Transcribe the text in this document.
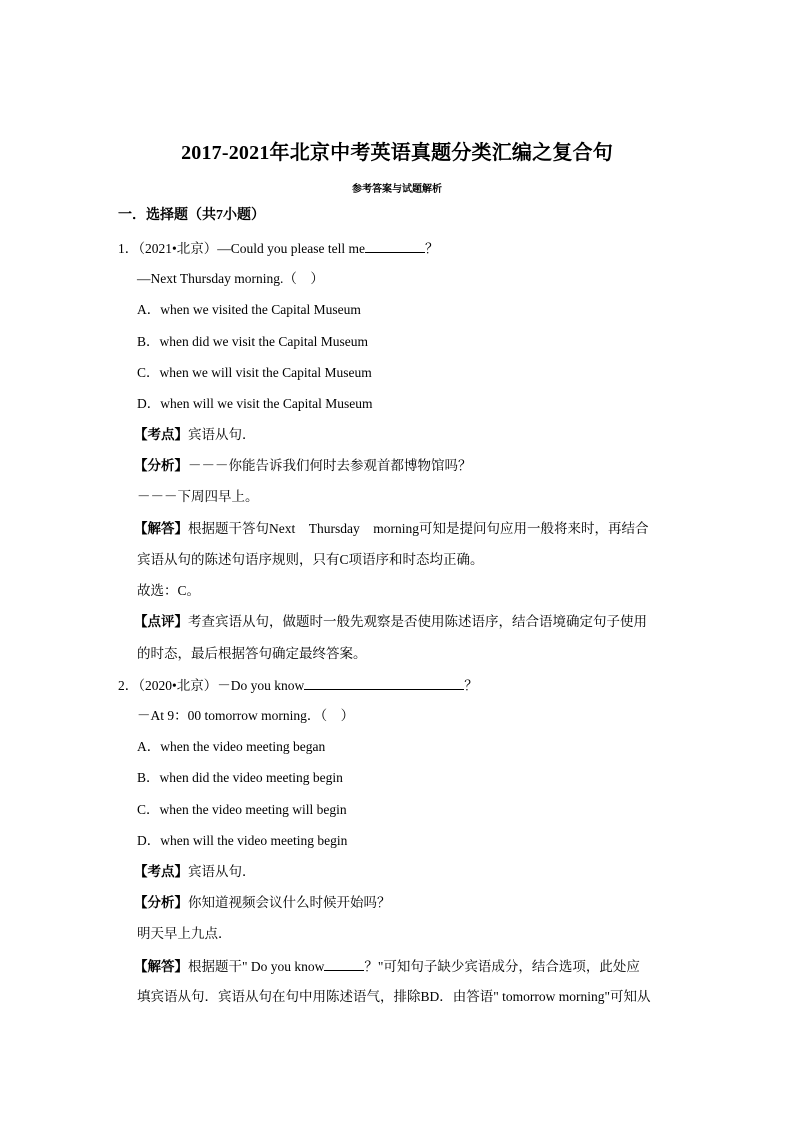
2017-2021年北京中考英语真题分类汇编之复合句
参考答案与试题解析
一．选择题（共7小题）
1．（2021•北京）—Could you please tell me	？
—Next Thursday morning.（　）
A．when we visited the Capital Museum
B．when did we visit the Capital Museum
C．when we will visit the Capital Museum
D．when will we visit the Capital Museum
【考点】宾语从句．
【分析】－－－你能告诉我们何时去参观首都博物馆吗？
－－－下周四早上。
【解答】根据题干答句Next　Thursday　morning可知是提问句应用一般将来时，再结合
宾语从句的陈述句语序规则，只有C项语序和时态均正确。
故选：C。
【点评】考查宾语从句，做题时一般先观察是否使用陈述语序，结合语境确定句子使用
的时态，最后根据答句确定最终答案。
2．（2020•北京）－Do you know	？
－At 9：00 tomorrow morning．（　）
A．when the video meeting began
B．when did the video meeting begin
C．when the video meeting will begin
D．when will the video meeting begin
【考点】宾语从句．
【分析】你知道视频会议什么时候开始吗？
明天早上九点．
【解答】根据题干" Do you know	？"可知句子缺少宾语成分，结合选项，此处应
填宾语从句．宾语从句在句中用陈述语气，排除BD．由答语" tomorrow morning"可知从
